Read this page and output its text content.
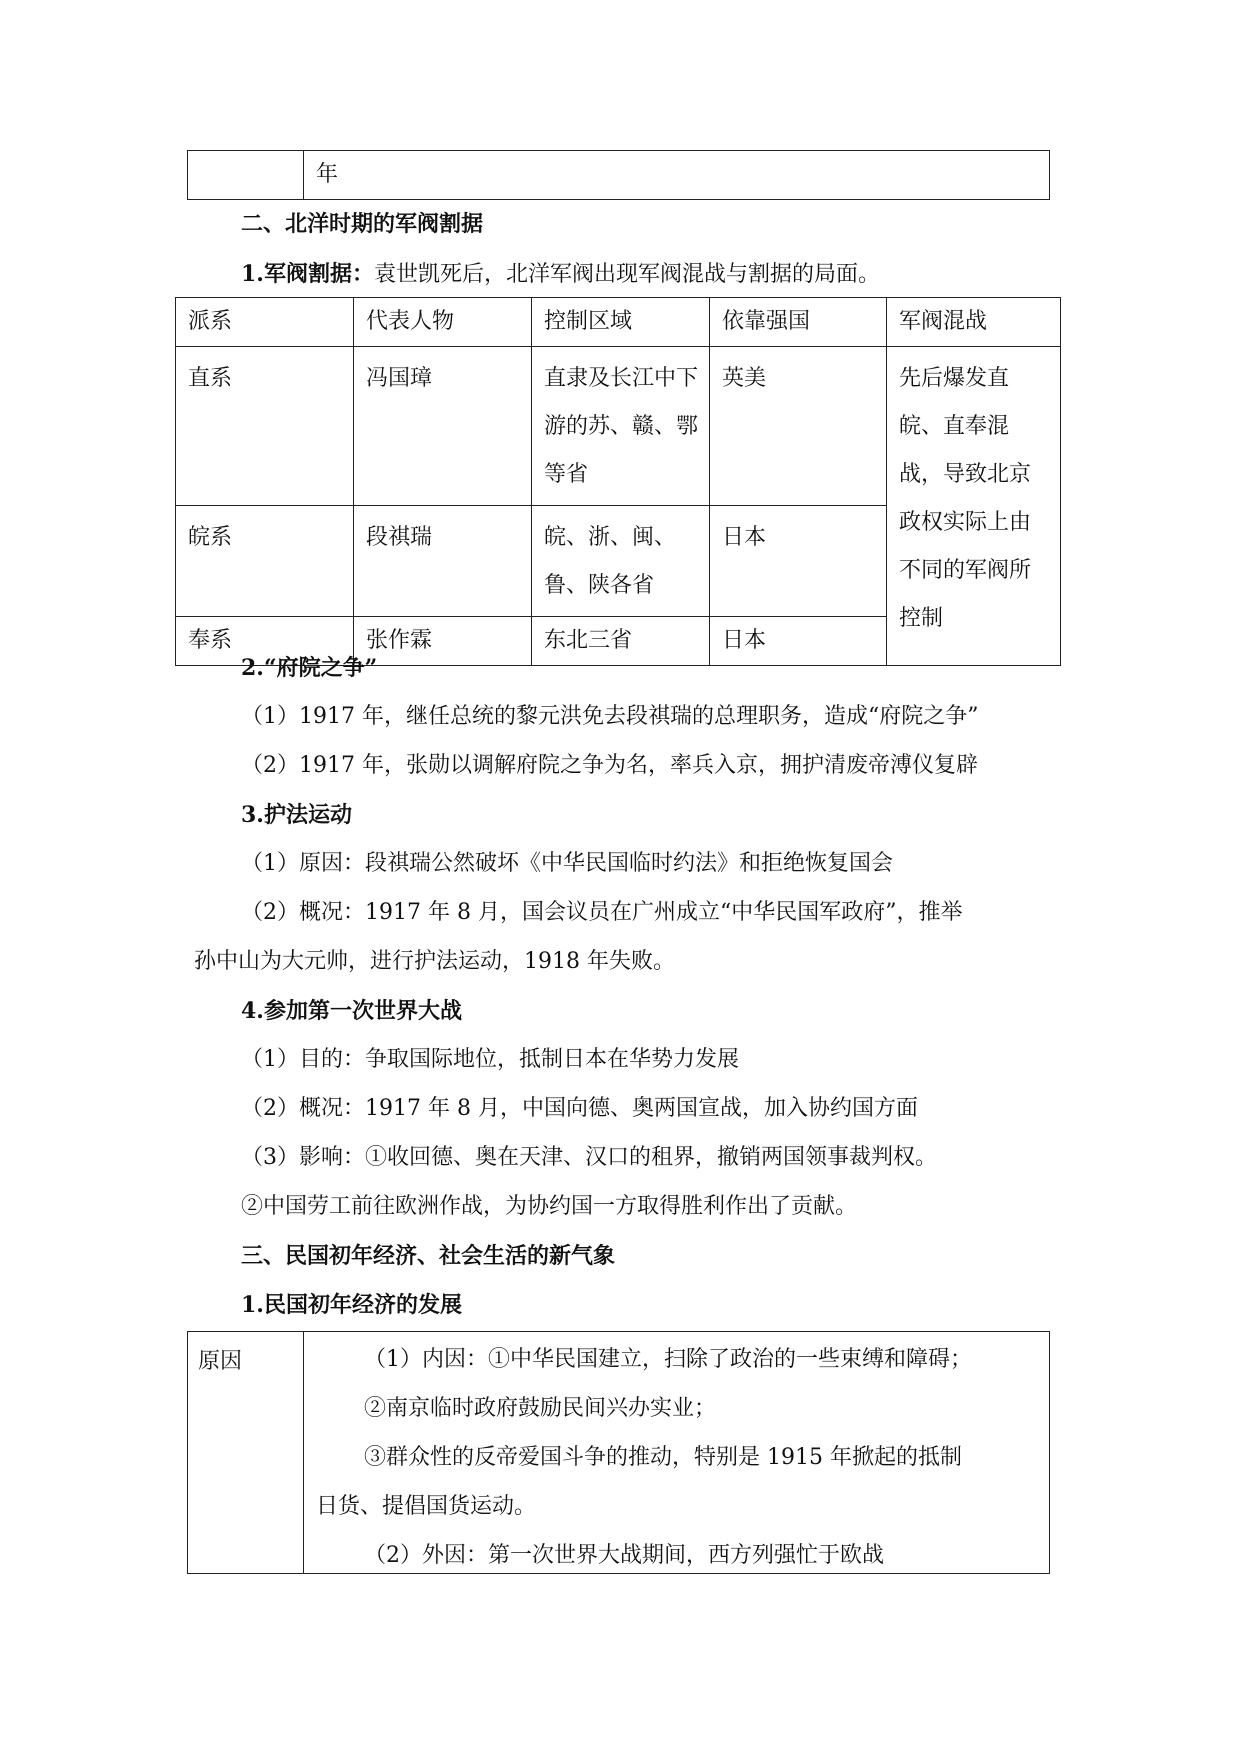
年
二、北洋时期的军阀割据
1.军阀割据：袁世凯死后，北洋军阀出现军阀混战与割据的局面。
派系	代表人物	控制区域	依靠强国	军阀混战

直系	冯国璋	直隶及长江中下游的苏、赣、鄂等省	英美	先后爆发直皖、直奉混战，导致北京政权实际上由不同的军阀所控制

皖系	段祺瑞	皖、浙、闽、鲁、陕各省	日本	

奉系	张作霖	东北三省	日本	
2.“府院之争”
（1）1917 年，继任总统的黎元洪免去段祺瑞的总理职务，造成“府院之争”
（2）1917 年，张勋以调解府院之争为名，率兵入京，拥护清废帝溥仪复辟
3.护法运动
（1）原因：段祺瑞公然破坏《中华民国临时约法》和拒绝恢复国会
（2）概况：1917 年 8 月，国会议员在广州成立“中华民国军政府”，推举
孙中山为大元帅，进行护法运动，1918 年失败。
4.参加第一次世界大战
（1）目的：争取国际地位，抵制日本在华势力发展
（2）概况：1917 年 8 月，中国向德、奥两国宣战，加入协约国方面
（3）影响：①收回德、奥在天津、汉口的租界，撤销两国领事裁判权。
②中国劳工前往欧洲作战，为协约国一方取得胜利作出了贡献。
三、民国初年经济、社会生活的新气象
1.民国初年经济的发展
原因	（1）内因：①中华民国建立，扫除了政治的一些束缚和障碍；
②南京临时政府鼓励民间兴办实业；
③群众性的反帝爱国斗争的推动，特别是 1915 年掀起的抵制
日货、提倡国货运动。
（2）外因：第一次世界大战期间，西方列强忙于欧战
